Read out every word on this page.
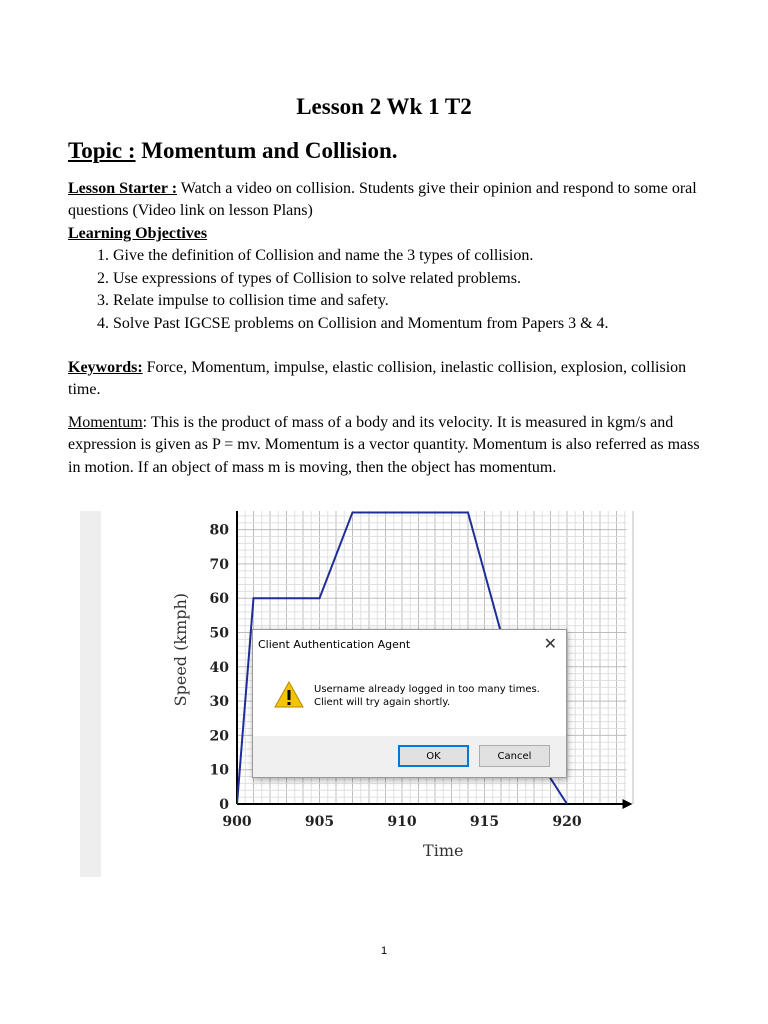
Lesson 2 Wk 1 T2
Topic : Momentum and Collision.
Lesson Starter : Watch a video on collision. Students give their opinion and respond to some oral questions (Video link on lesson Plans)
Learning Objectives
1. Give the definition of Collision and name the 3 types of collision.
2. Use expressions of types of Collision to solve related problems.
3. Relate impulse to collision time and safety.
4. Solve Past IGCSE problems on Collision and Momentum from Papers 3 & 4.
Keywords: Force, Momentum, impulse, elastic collision, inelastic collision, explosion, collision time.
Momentum: This is the product of mass of a body and its velocity. It is measured in kgm/s and expression is given as P = mv. Momentum is a vector quantity. Momentum is also referred as mass in motion. If an object of mass m is moving, then the object has momentum.
900	905	910	915	920
0
10
20
30
40
50
60
70
80
Time
Speed (kmph)	Client Authentication Agent	✕
Username already logged in too many times.
Client will try again shortly.
OK	Cancel
1
